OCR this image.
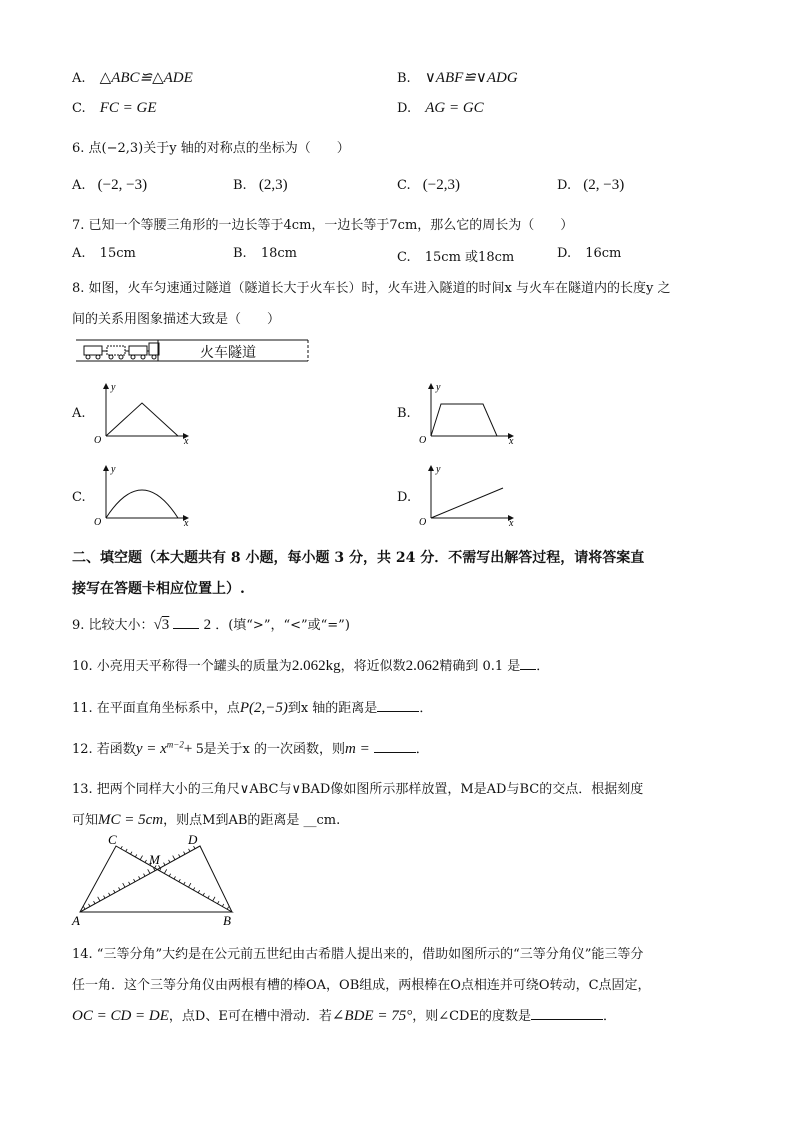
A. △ABC≌△ADE	B. ∨ABF≌∨ADG
C. FC = GE	D. AG = GC
6. 点(−2,3)关于y 轴的对称点的坐标为（　　）
A. (−2, −3)	B. (2,3)	C. (−2,3)	D. (2, −3)
7. 已知一个等腰三角形的一边长等于4cm，一边长等于7cm，那么它的周长为（　　）
A. 15cm	B. 18cm	C. 15cm 或18cm	D. 16cm
8. 如图，火车匀速通过隧道（隧道长大于火车长）时，火车进入隧道的时间x 与火车在隧道内的长度y 之
间的关系用图象描述大致是（　　）
火车隧道
A.
y
x
O
B.
y
x
O
C.
y
x
O
D.
y
x
O
二、填空题（本大题共有 8 小题，每小题 3 分，共 24 分．不需写出解答过程，请将答案直
接写在答题卡相应位置上）.
9. 比较大小：√3 2 ．(填“>”，“<”或“=”)
10. 小亮用天平称得一个罐头的质量为2.062kg，将近似数2.062精确到 0.1 是 ．
11. 在平面直角坐标系中，点P(2,−5)到x 轴的距离是	．
12. 若函数$y = x^{m-2}+ 5$是关于x 的一次函数，则m =	．
13. 把两个同样大小的三角尺∨ABC与∨BAD像如图所示那样放置，M是AD与BC的交点．根据刻度
可知MC = 5cm，则点M到AB的距离是 __cm.
C	D
M
A	B
14. “三等分角”大约是在公元前五世纪由古希腊人提出来的，借助如图所示的“三等分角仪”能三等分
任一角．这个三等分角仪由两根有槽的棒OA，OB组成，两根棒在O点相连并可绕O转动，C点固定，
OC = CD = DE，点D、E可在槽中滑动．若∠BDE = 75°，则∠CDE的度数是	．
